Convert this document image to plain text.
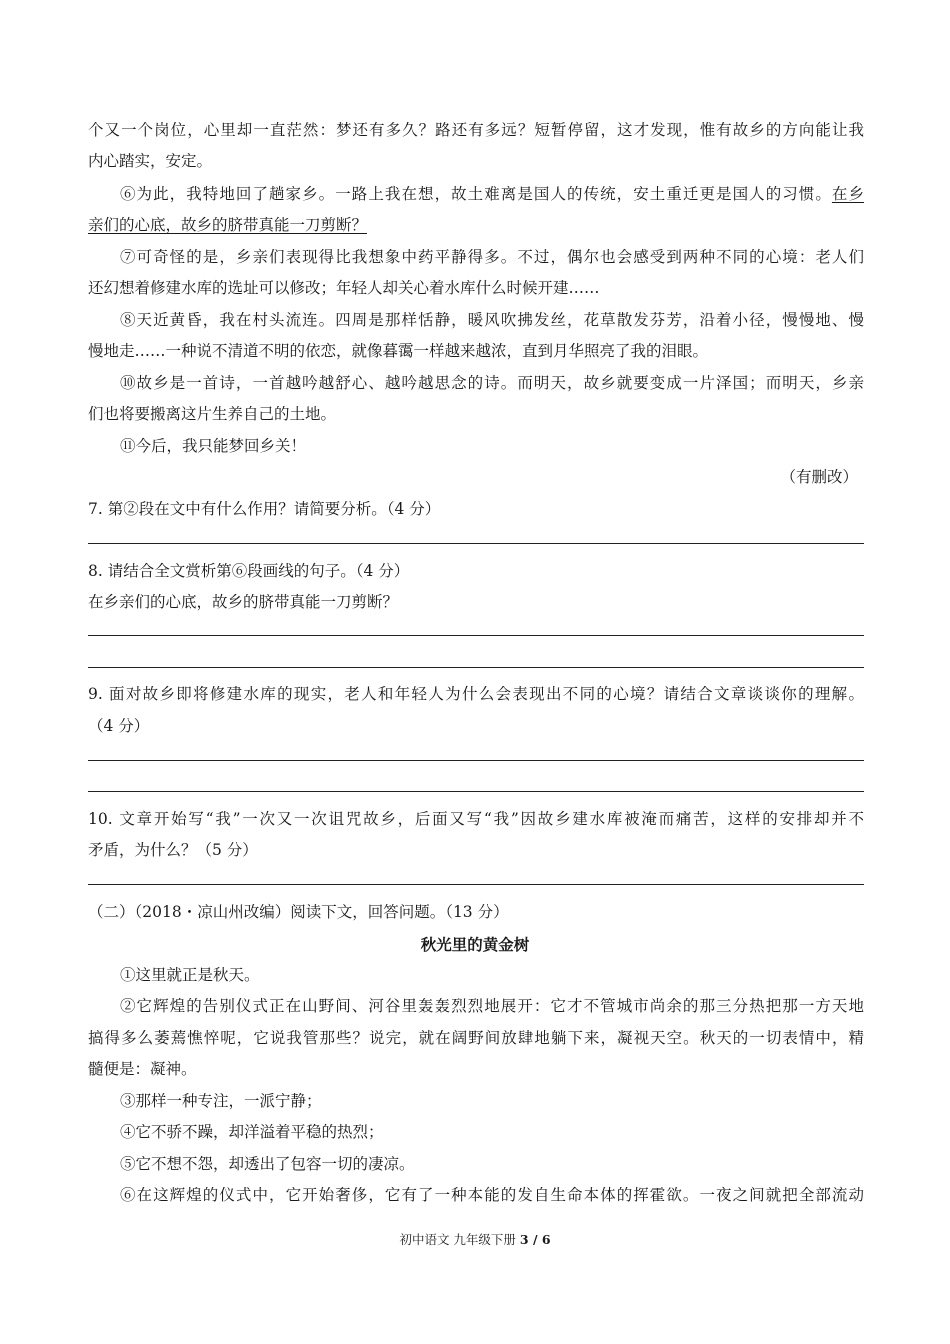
个又一个岗位，心里却一直茫然：梦还有多久？路还有多远？短暂停留，这才发现，惟有故乡的方向能让我
内心踏实，安定。
⑥为此，我特地回了趟家乡。一路上我在想，故土难离是国人的传统，安土重迁更是国人的习惯。在乡
亲们的心底，故乡的脐带真能一刀剪断？
⑦可奇怪的是，乡亲们表现得比我想象中药平静得多。不过，偶尔也会感受到两种不同的心境：老人们
还幻想着修建水库的选址可以修改；年轻人却关心着水库什么时候开建……
⑧天近黄昏，我在村头流连。四周是那样恬静，暖风吹拂发丝，花草散发芬芳，沿着小径，慢慢地、慢
慢地走……一种说不清道不明的依恋，就像暮霭一样越来越浓，直到月华照亮了我的泪眼。
⑩故乡是一首诗，一首越吟越舒心、越吟越思念的诗。而明天，故乡就要变成一片泽国；而明天，乡亲
们也将要搬离这片生养自己的土地。
⑪今后，我只能梦回乡关！
（有删改）
7. 第②段在文中有什么作用？请简要分析。（4 分）
8. 请结合全文赏析第⑥段画线的句子。（4 分）
在乡亲们的心底，故乡的脐带真能一刀剪断？
9. 面对故乡即将修建水库的现实，老人和年轻人为什么会表现出不同的心境？请结合文章谈谈你的理解。
（4 分）
10. 文章开始写“我”一次又一次诅咒故乡，后面又写“我”因故乡建水库被淹而痛苦，这样的安排却并不
矛盾，为什么？（5 分）
（二）（2018・凉山州改编）阅读下文，回答问题。（13 分）
秋光里的黄金树
①这里就正是秋天。
②它辉煌的告别仪式正在山野间、河谷里轰轰烈烈地展开：它才不管城市尚余的那三分热把那一方天地
搞得多么萎蔫憔悴呢，它说我管那些？说完，就在阔野间放肆地躺下来，凝视天空。秋天的一切表情中，精
髓便是：凝神。
③那样一种专注，一派宁静；
④它不骄不躁，却洋溢着平稳的热烈；
⑤它不想不怨，却透出了包容一切的凄凉。
⑥在这辉煌的仪式中，它开始奢侈，它有了一种本能的发自生命本体的挥霍欲。一夜之间就把全部流动
初中语文 九年级下册 3 / 6
